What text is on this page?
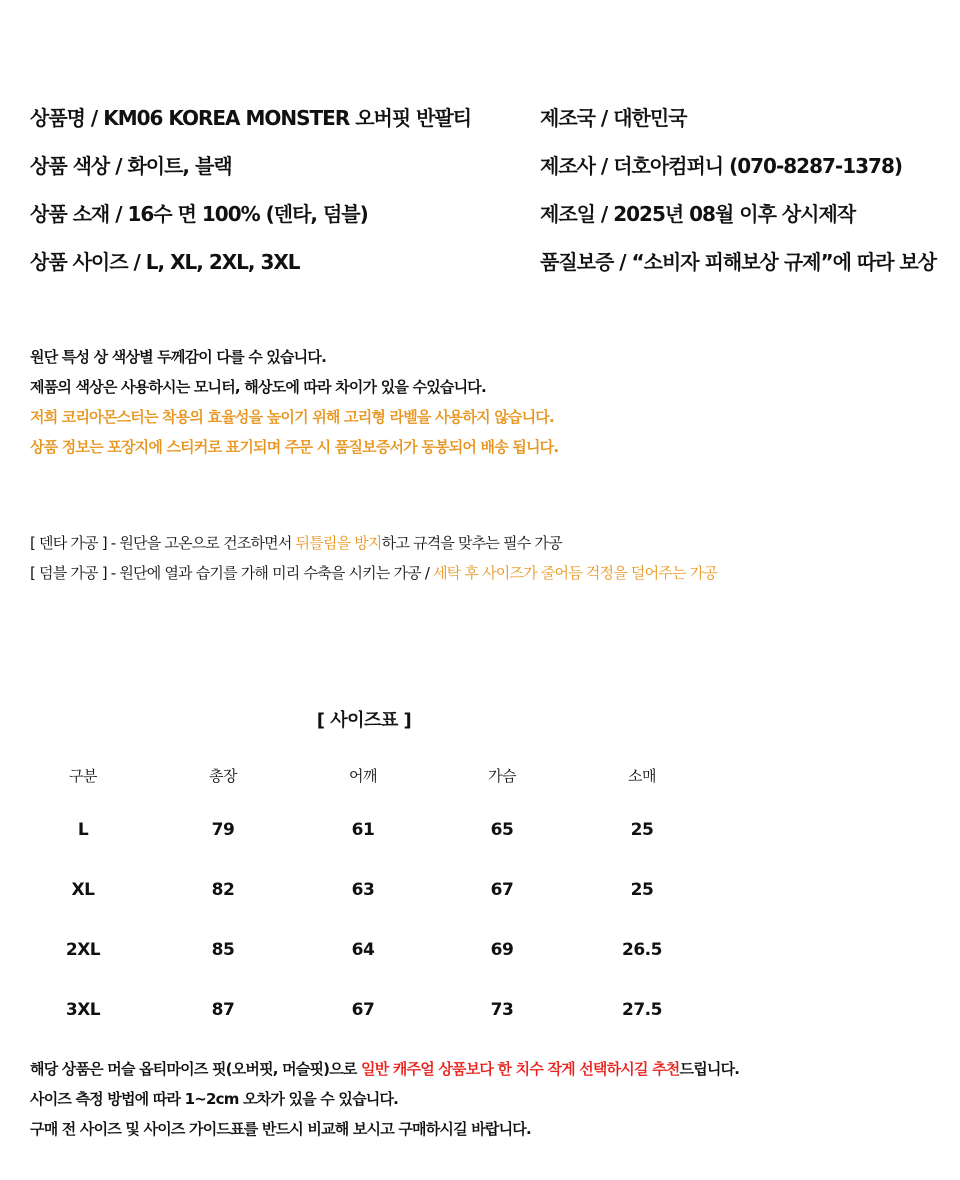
상품명 / KM06 KOREA MONSTER 오버핏 반팔티
상품 색상 / 화이트, 블랙
상품 소재 / 16수 면 100% (덴타, 덤블)
상품 사이즈 / L, XL, 2XL, 3XL
제조국 / 대한민국
제조사 / 더호아컴퍼니 (070-8287-1378)
제조일 / 2025년 08월 이후 상시제작
품질보증 / “소비자 피해보상 규제”에 따라 보상
원단 특성 상 색상별 두께감이 다를 수 있습니다.
제품의 색상은 사용하시는 모니터, 해상도에 따라 차이가 있을 수있습니다.
저희 코리아몬스터는 착용의 효율성을 높이기 위해 고리형 라벨을 사용하지 않습니다.
상품 정보는 포장지에 스티커로 표기되며 주문 시 품질보증서가 동봉되어 배송 됩니다.
[ 덴타 가공 ] - 원단을 고온으로 건조하면서 뒤틀림을 방지하고 규격을 맞추는 필수 가공
[ 덤블 가공 ] - 원단에 열과 습기를 가해 미리 수축을 시키는 가공 / 세탁 후 사이즈가 줄어듬 걱정을 덜어주는 가공
[ 사이즈표 ]
구분	총장	어깨	가슴	소매
L	79	61	65	25
XL	82	63	67	25
2XL	85	64	69	26.5
3XL	87	67	73	27.5
해당 상품은 머슬 옵티마이즈 핏(오버핏, 머슬핏)으로 일반 캐주얼 상품보다 한 치수 작게 선택하시길 추천드립니다.
사이즈 측정 방법에 따라 1~2cm 오차가 있을 수 있습니다.
구매 전 사이즈 및 사이즈 가이드표를 반드시 비교해 보시고 구매하시길 바랍니다.
